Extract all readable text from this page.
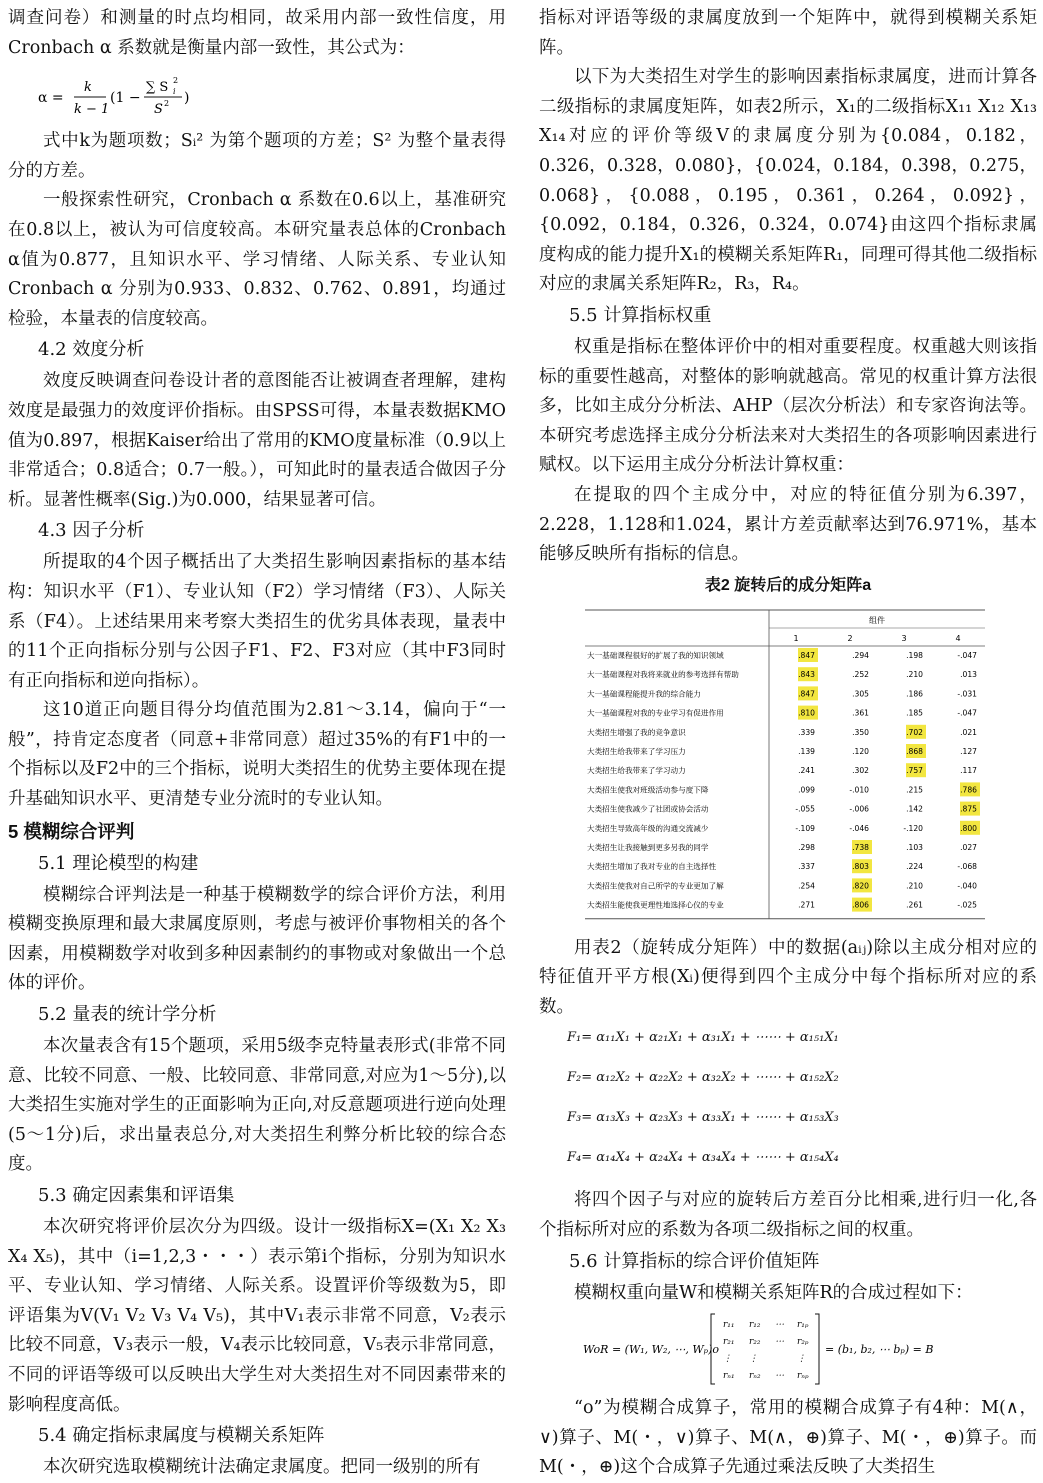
调查问卷）和测量的时点均相同，故采用内部一致性信度，用Cronbach α 系数就是衡量内部一致性，其公式为：

α =
k
k − 1
(1 −
∑ S 2
i
S 2 )

式中k为题项数；Sᵢ² 为第个题项的方差；S² 为整个量表得分的方差。

一般探索性研究，Cronbach α 系数在0.6以上，基准研究在0.8以上，被认为可信度较高。本研究量表总体的Cronbach α值为0.877，且知识水平、学习情绪、人际关系、专业认知Cronbach α 分别为0.933、0.832、0.762、0.891，均通过检验，本量表的信度较高。

4.2 效度分析

效度反映调查问卷设计者的意图能否让被调查者理解，建构效度是最强力的效度评价指标。由SPSS可得，本量表数据KMO值为0.897，根据Kaiser给出了常用的KMO度量标准（0.9以上非常适合；0.8适合；0.7一般。），可知此时的量表适合做因子分析。显著性概率(Sig.)为0.000，结果显著可信。

4.3 因子分析

所提取的4个因子概括出了大类招生影响因素指标的基本结构：知识水平（F1）、专业认知（F2）学习情绪（F3）、人际关系（F4）。上述结果用来考察大类招生的优劣具体表现，量表中的11个正向指标分别与公因子F1、F2、F3对应（其中F3同时有正向指标和逆向指标）。

这10道正向题目得分均值范围为2.81～3.14，偏向于“一般”，持肯定态度者（同意+非常同意）超过35%的有F1中的一个指标以及F2中的三个指标，说明大类招生的优势主要体现在提升基础知识水平、更清楚专业分流时的专业认知。

5 模糊综合评判
5.1 理论模型的构建

模糊综合评判法是一种基于模糊数学的综合评价方法，利用模糊变换原理和最大隶属度原则，考虑与被评价事物相关的各个因素，用模糊数学对收到多种因素制约的事物或对象做出一个总体的评价。

5.2 量表的统计学分析

本次量表含有15个题项，采用5级李克特量表形式(非常不同意、比较不同意、一般、比较同意、非常同意,对应为1～5分),以大类招生实施对学生的正面影响为正向,对反意题项进行逆向处理(5～1分)后，求出量表总分,对大类招生利弊分析比较的综合态度。

5.3 确定因素集和评语集

本次研究将评价层次分为四级。设计一级指标X=(X₁ X₂ X₃ X₄ X₅)，其中（i=1,2,3・・・）表示第i个指标，分别为知识水平、专业认知、学习情绪、人际关系。设置评价等级数为5，即评语集为V(V₁ V₂ V₃ V₄ V₅)，其中V₁表示非常不同意，V₂表示比较不同意，V₃表示一般，V₄表示比较同意，V₅表示非常同意，不同的评语等级可以反映出大学生对大类招生对不同因素带来的影响程度高低。

5.4 确定指标隶属度与模糊关系矩阵

本次研究选取模糊统计法确定隶属度。把同一级别的所有

指标对评语等级的隶属度放到一个矩阵中，就得到模糊关系矩阵。

以下为大类招生对学生的影响因素指标隶属度，进而计算各二级指标的隶属度矩阵，如表2所示，X₁的二级指标X₁₁ X₁₂ X₁₃ X₁₄对应的评价等级V的隶属度分别为{0.084，0.182，0.326，0.328，0.080}，{0.024，0.184，0.398，0.275，0.068}，{0.088，0.195，0.361，0.264，0.092}，{0.092，0.184，0.326，0.324，0.074}由这四个指标隶属度构成的能力提升X₁的模糊关系矩阵R₁，同理可得其他二级指标对应的隶属关系矩阵R₂，R₃，R₄。

5.5 计算指标权重

权重是指标在整体评价中的相对重要程度。权重越大则该指标的重要性越高，对整体的影响就越高。常见的权重计算方法很多，比如主成分分析法、AHP（层次分析法）和专家咨询法等。本研究考虑选择主成分分析法来对大类招生的各项影响因素进行赋权。以下运用主成分分析法计算权重：

在提取的四个主成分中，对应的特征值分别为6.397，2.228，1.128和1.024，累计方差贡献率达到76.971%，基本能够反映所有指标的信息。

表2 旋转后的成分矩阵a
组件
1	2	3	4
大一基础课程很好的扩展了我的知识领域	.847	.294	.198	-.047
大一基础课程对我将来就业的参考选择有帮助	.843	.252	.210	.013
大一基础课程能提升我的综合能力	.847	.305	.186	-.031
大一基础课程对我的专业学习有促进作用	.810	.361	.185	-.047
大类招生增强了我的竞争意识	.339	.350	.702	.021
大类招生给我带来了学习压力	.139	.120	.868	.127
大类招生给我带来了学习动力	.241	.302	.757	.117
大类招生使我对班级活动参与度下降	.099	-.010	.215	.786
大类招生使我减少了社团或协会活动	-.055	-.006	.142	.875
大类招生导致高年级的沟通交流减少	-.109	-.046	-.120	.800
大类招生让我接触到更多另我的同学	.298	.738	.103	.027
大类招生增加了我对专业的自主选择性	.337	.803	.224	-.068
大类招生使我对自己所学的专业更加了解	.254	.820	.210	-.040
大类招生能使我更理性地选择心仪的专业	.271	.806	.261	-.025

用表2（旋转成分矩阵）中的数据(aᵢⱼ)除以主成分相对应的特征值开平方根(Xᵢ)便得到四个主成分中每个指标所对应的系数。

F₁= α₁₁X₁ + α₂₁X₁ + α₃₁X₁ + ⋯⋯ + α₁₅₁X₁
F₂= α₁₂X₂ + α₂₂X₂ + α₃₂X₂ + ⋯⋯ + α₁₅₂X₂
F₃= α₁₃X₃ + α₂₃X₃ + α₃₃X₁ + ⋯⋯ + α₁₅₃X₃
F₄= α₁₄X₄ + α₂₄X₄ + α₃₄X₄ + ⋯⋯ + α₁₅₄X₄

将四个因子与对应的旋转后方差百分比相乘,进行归一化,各个指标所对应的系数为各项二级指标之间的权重。

5.6 计算指标的综合评价值矩阵

模糊权重向量W和模糊关系矩阵R的合成过程如下：

WoR = (W₁, W₂, ⋯, Wₚ)o
r₁₁ r₁₂ ⋯ r₁ₚ
r₂₁ r₂₂ ⋯ r₂ₚ
⋮ ⋮	⋮
rₙ₁ rₙ₂ ⋯ rₙₚ
= (b₁, b₂, ⋯ bₚ) = B

“o”为模糊合成算子，常用的模糊合成算子有4种：M(∧，∨)算子、M(・，∨)算子、M(∧，⊕)算子、M(・，⊕)算子。而M(・，⊕)这个合成算子先通过乘法反映了大类招生
